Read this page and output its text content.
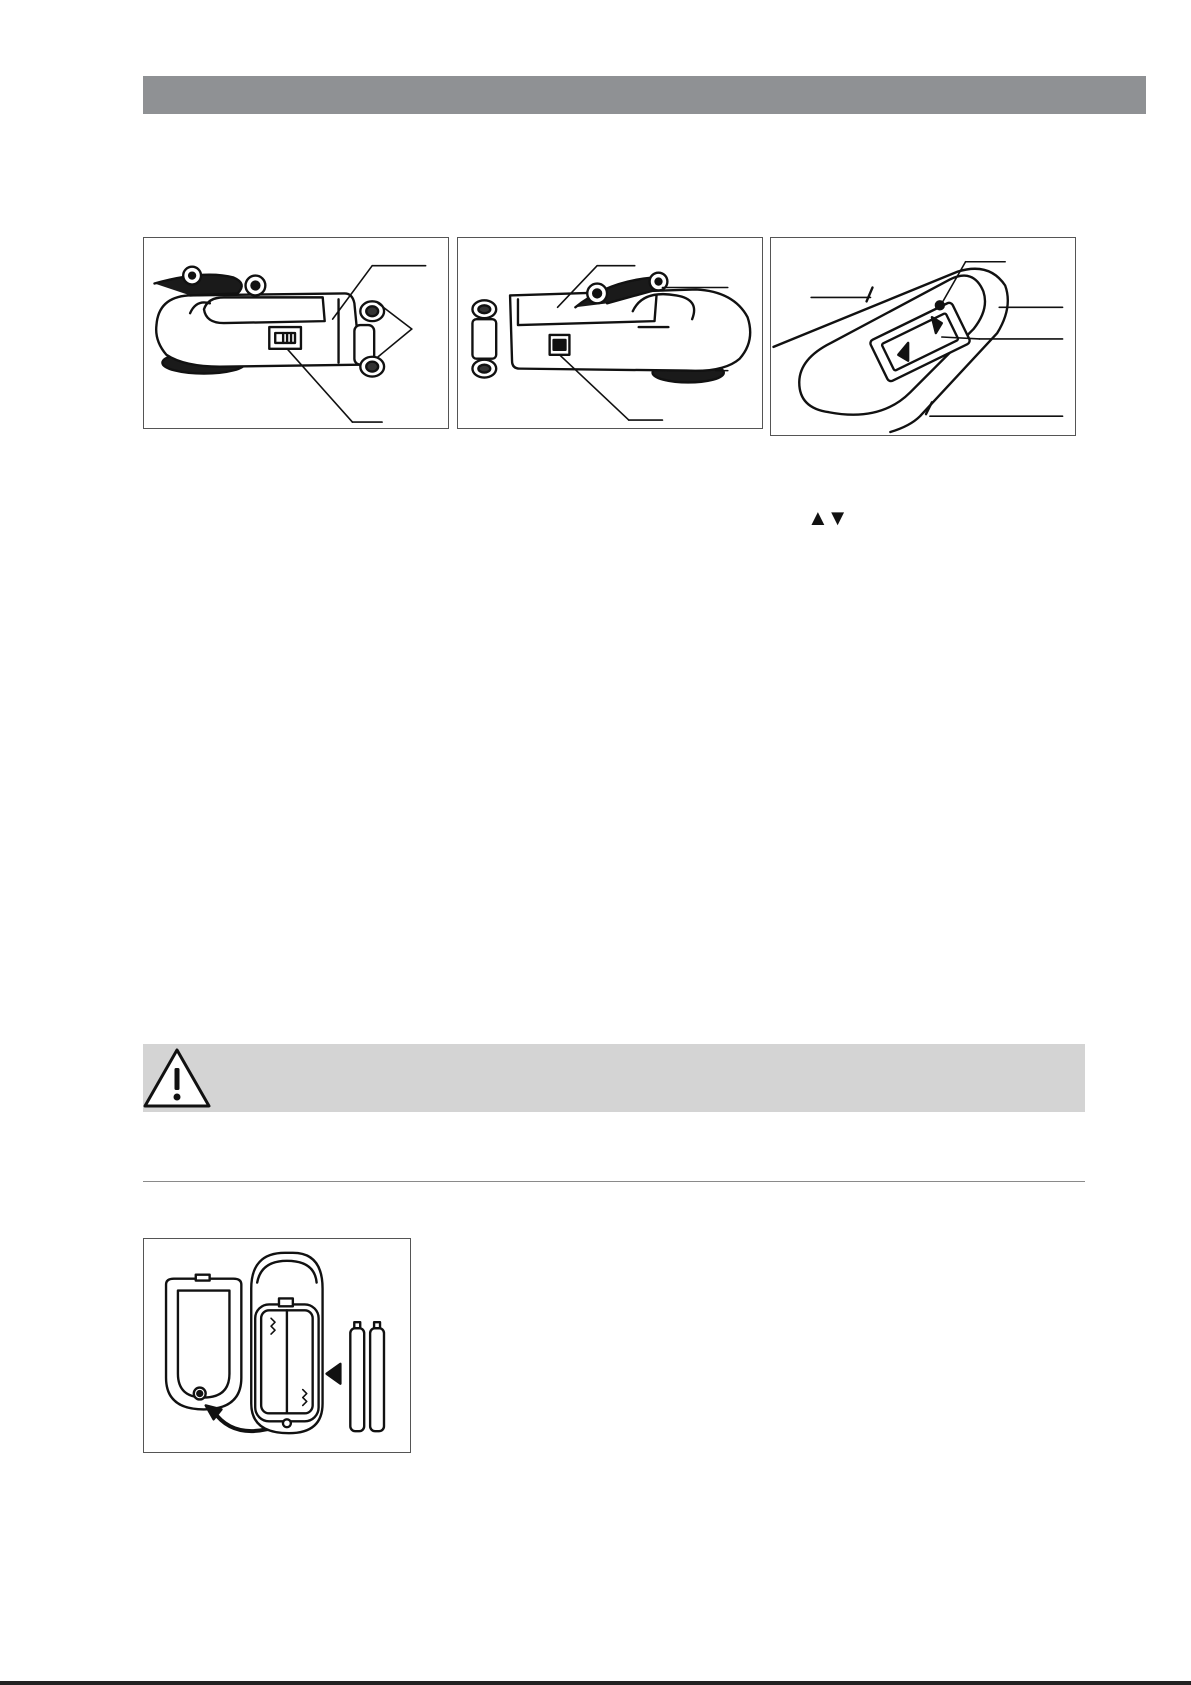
▲▼
